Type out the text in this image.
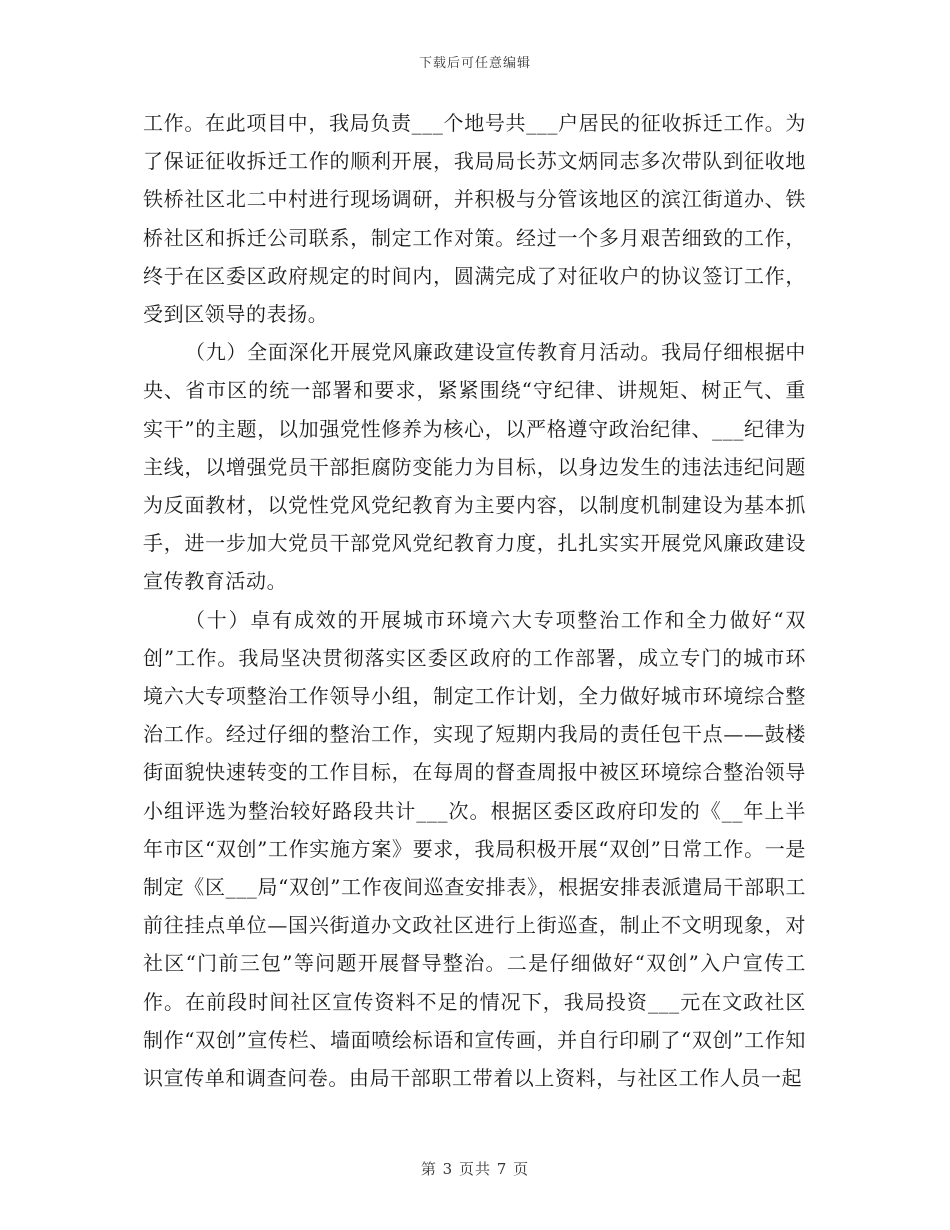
下载后可任意编辑

工作。在此项目中，我局负责___个地号共___户居民的征收拆迁工作。为了保证征收拆迁工作的顺利开展，我局局长苏文炳同志多次带队到征收地铁桥社区北二中村进行现场调研，并积极与分管该地区的滨江街道办、铁桥社区和拆迁公司联系，制定工作对策。经过一个多月艰苦细致的工作，终于在区委区政府规定的时间内，圆满完成了对征收户的协议签订工作，受到区领导的表扬。

（九）全面深化开展党风廉政建设宣传教育月活动。我局仔细根据中央、省市区的统一部署和要求，紧紧围绕“守纪律、讲规矩、树正气、重实干”的主题，以加强党性修养为核心，以严格遵守政治纪律、___纪律为主线，以增强党员干部拒腐防变能力为目标，以身边发生的违法违纪问题为反面教材，以党性党风党纪教育为主要内容，以制度机制建设为基本抓手，进一步加大党员干部党风党纪教育力度，扎扎实实开展党风廉政建设宣传教育活动。

（十）卓有成效的开展城市环境六大专项整治工作和全力做好“双创”工作。我局坚决贯彻落实区委区政府的工作部署，成立专门的城市环境六大专项整治工作领导小组，制定工作计划，全力做好城市环境综合整治工作。经过仔细的整治工作，实现了短期内我局的责任包干点——鼓楼街面貌快速转变的工作目标，在每周的督查周报中被区环境综合整治领导小组评选为整治较好路段共计___次。根据区委区政府印发的《__年上半年市区“双创”工作实施方案》要求，我局积极开展“双创”日常工作。一是制定《区___局“双创”工作夜间巡查安排表》，根据安排表派遣局干部职工前往挂点单位—国兴街道办文政社区进行上街巡查，制止不文明现象，对社区“门前三包”等问题开展督导整治。二是仔细做好“双创”入户宣传工作。在前段时间社区宣传资料不足的情况下，我局投资___元在文政社区制作“双创”宣传栏、墙面喷绘标语和宣传画，并自行印刷了“双创”工作知识宣传单和调查问卷。由局干部职工带着以上资料，与社区工作人员一起

第 3 页共 7 页
